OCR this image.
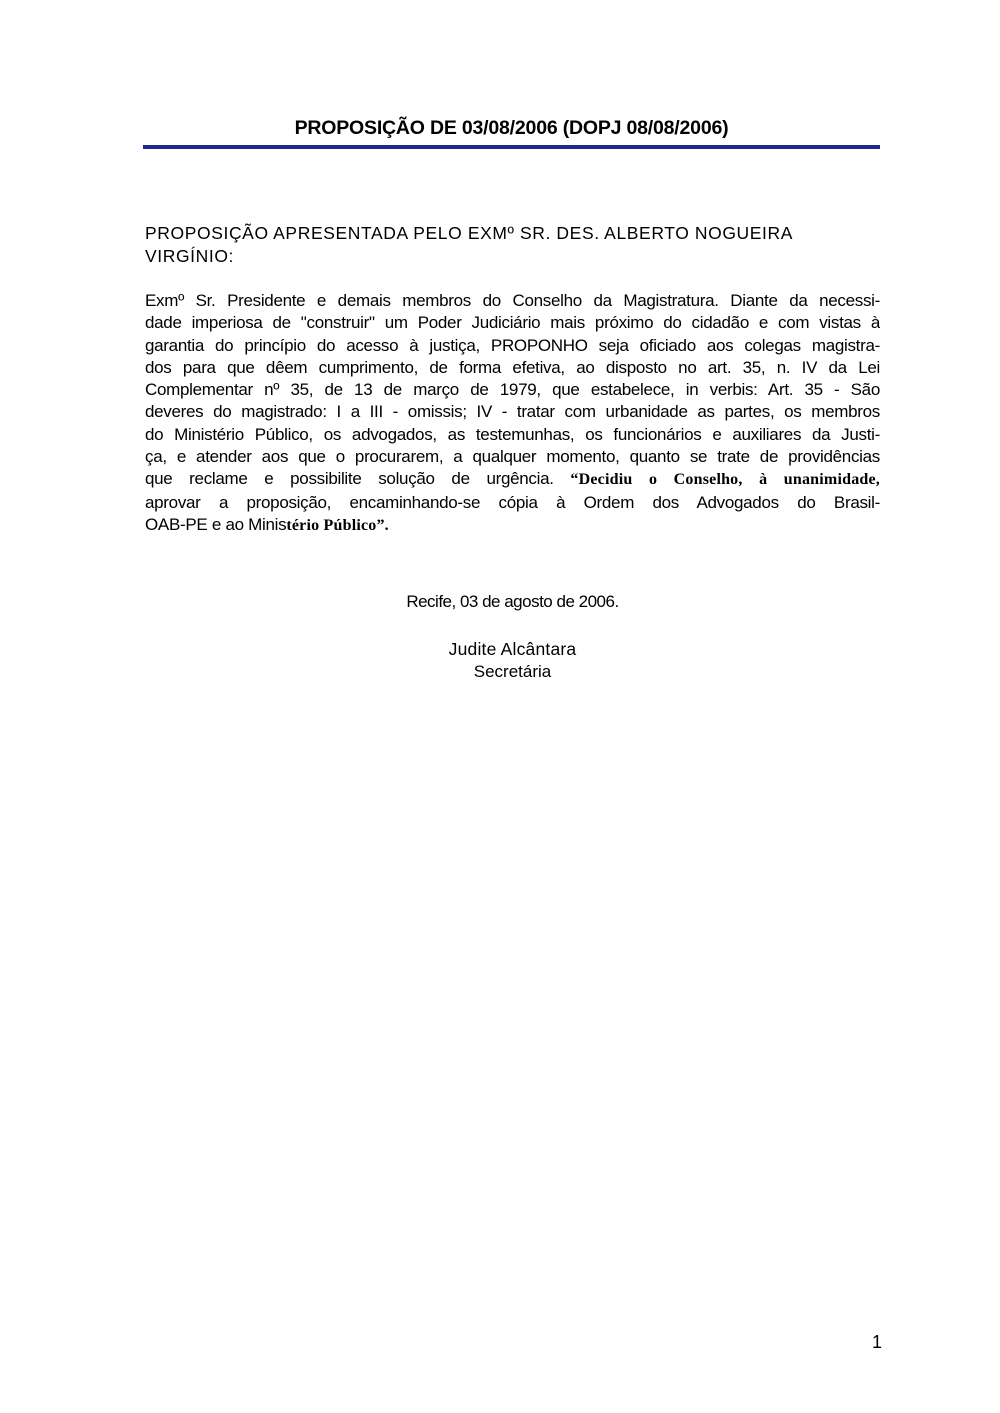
PROPOSIÇÃO DE 03/08/2006 (DOPJ 08/08/2006)

PROPOSIÇÃO APRESENTADA PELO EXMº SR. DES. ALBERTO NOGUEIRA
VIRGÍNIO:

Exmº Sr. Presidente e demais membros do Conselho da Magistratura. Diante da necessi-
dade imperiosa de "construir" um Poder Judiciário mais próximo do cidadão e com vistas à
garantia do princípio do acesso à justiça, PROPONHO seja oficiado aos colegas magistra-
dos para que dêem cumprimento, de forma efetiva, ao disposto no art. 35, n. IV da Lei
Complementar nº 35, de 13 de março de 1979, que estabelece, in verbis: Art. 35 - São
deveres do magistrado: I a III - omissis; IV - tratar com urbanidade as partes, os membros
do Ministério Público, os advogados, as testemunhas, os funcionários e auxiliares da Justi-
ça, e atender aos que o procurarem, a qualquer momento, quanto se trate de providências
que reclame e possibilite solução de urgência. “Decidiu o Conselho, à unanimidade,
aprovar a proposição, encaminhando-se cópia à Ordem dos Advogados do Brasil-
OAB-PE e ao Ministério Público”.

Recife, 03 de agosto de 2006.

Judite Alcântara

Secretária

1
